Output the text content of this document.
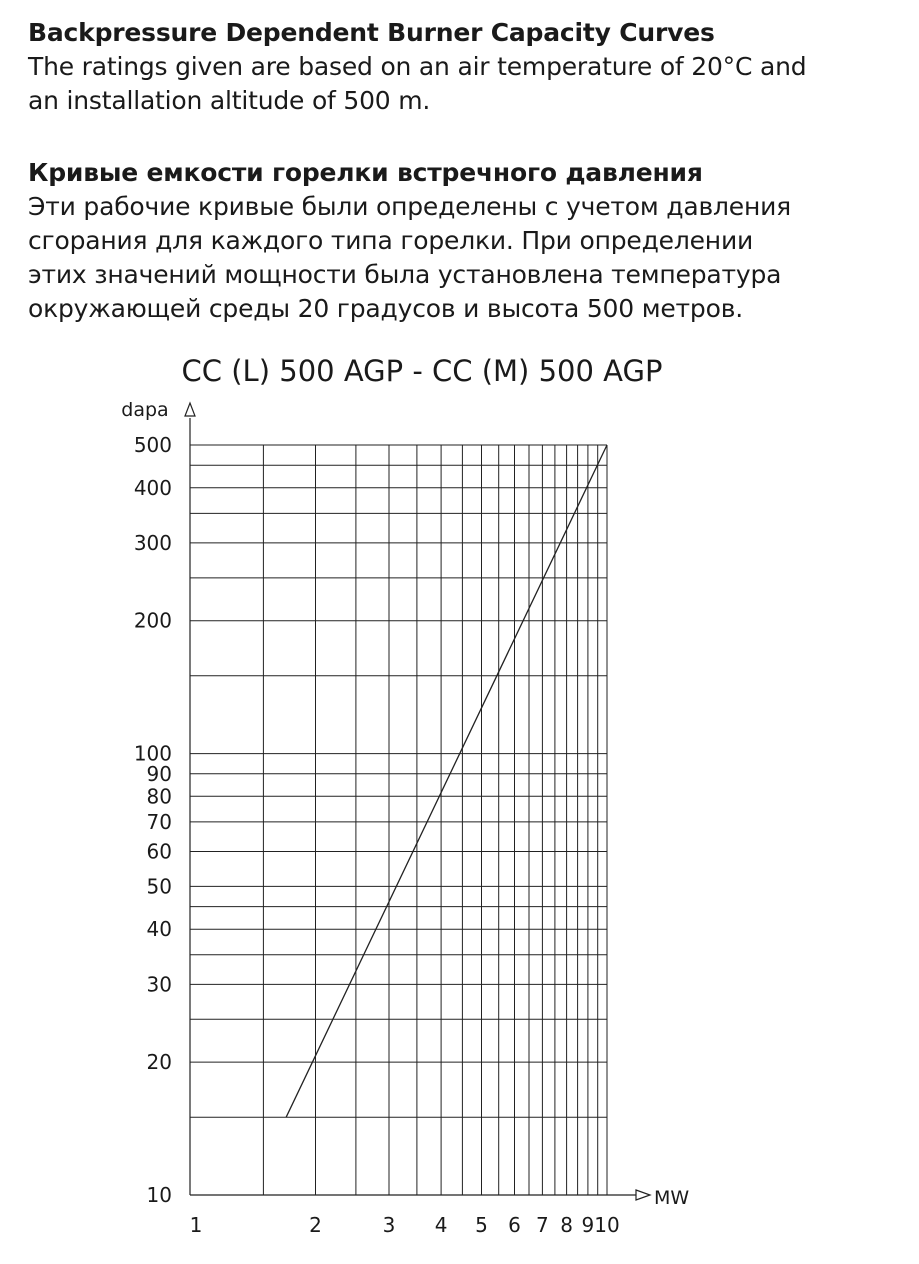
Backpressure Dependent Burner Capacity Curves
The ratings given are based on an air temperature of 20°C and
an installation altitude of 500 m.
Кривые емкости горелки встречного давления
Эти рабочие кривые были определены с учетом давления
сгорания для каждого типа горелки. При определении
этих значений мощности была установлена температура
окружающей среды 20 градусов и высота 500 метров.
CC (L) 500 AGP - CC (M) 500 AGP
dapa
MW
10
20
30
40
50
60
70
80
90
100
200
300
400
500
1	2	3 4 5 6 7 8 9 10
